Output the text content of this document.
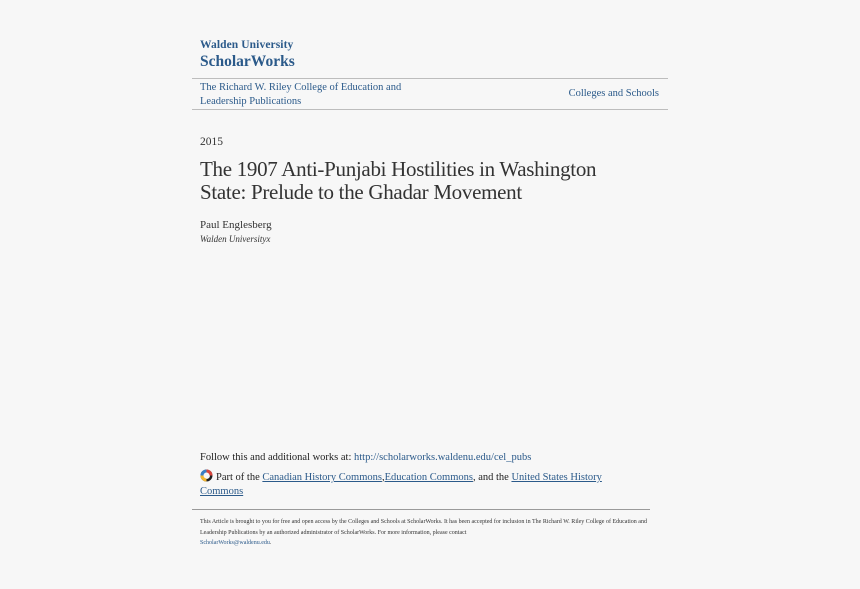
Walden University
ScholarWorks
The Richard W. Riley College of Education and Leadership Publications
Colleges and Schools
2015
The 1907 Anti-Punjabi Hostilities in Washington State: Prelude to the Ghadar Movement
Paul Englesberg
Walden Universityx
Follow this and additional works at: http://scholarworks.waldenu.edu/cel_pubs
Part of the Canadian History Commons,Education Commons, and the United States History Commons
This Article is brought to you for free and open access by the Colleges and Schools at ScholarWorks. It has been accepted for inclusion in The Richard W. Riley College of Education and Leadership Publications by an authorized administrator of ScholarWorks. For more information, please contact
ScholarWorks@waldenu.edu.
